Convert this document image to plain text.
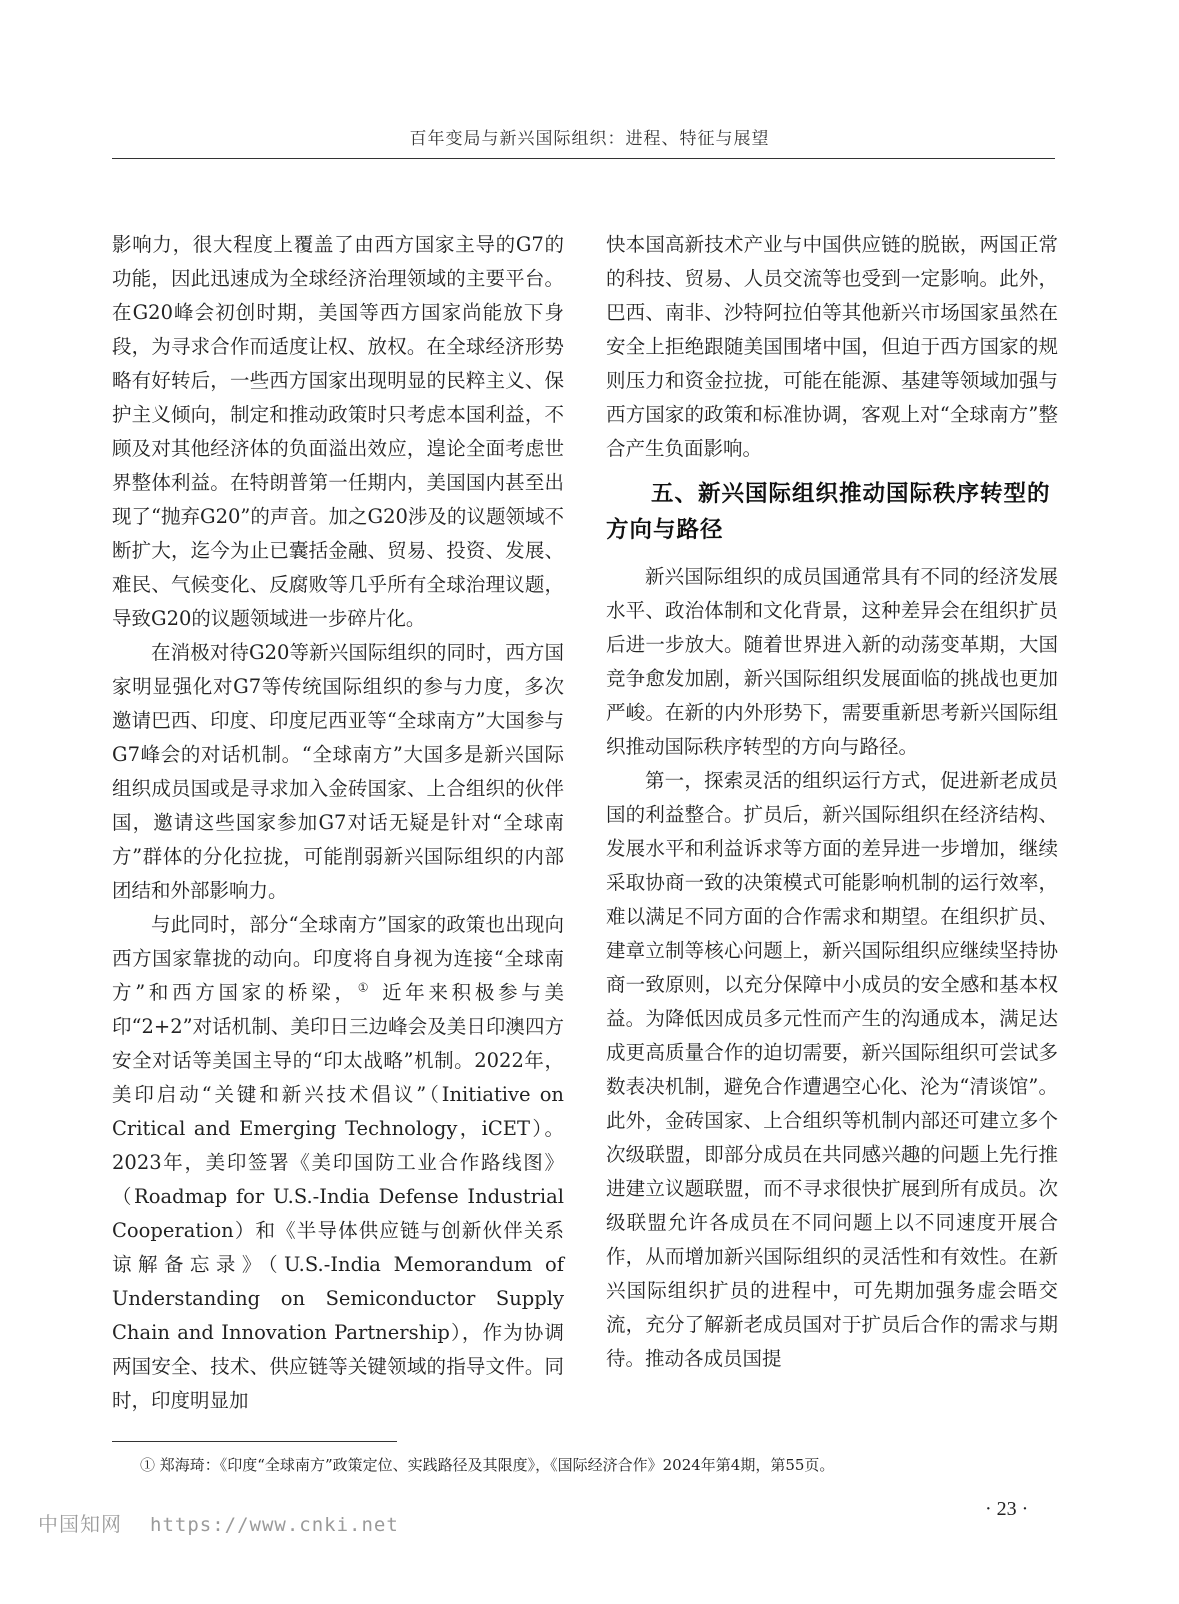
百年变局与新兴国际组织：进程、特征与展望

影响力，很大程度上覆盖了由西方国家主导的G7的功能，因此迅速成为全球经济治理领域的主要平台。在G20峰会初创时期，美国等西方国家尚能放下身段，为寻求合作而适度让权、放权。在全球经济形势略有好转后，一些西方国家出现明显的民粹主义、保护主义倾向，制定和推动政策时只考虑本国利益，不顾及对其他经济体的负面溢出效应，遑论全面考虑世界整体利益。在特朗普第一任期内，美国国内甚至出现了“抛弃G20”的声音。加之G20涉及的议题领域不断扩大，迄今为止已囊括金融、贸易、投资、发展、难民、气候变化、反腐败等几乎所有全球治理议题，导致G20的议题领域进一步碎片化。

在消极对待G20等新兴国际组织的同时，西方国家明显强化对G7等传统国际组织的参与力度，多次邀请巴西、印度、印度尼西亚等“全球南方”大国参与G7峰会的对话机制。“全球南方”大国多是新兴国际组织成员国或是寻求加入金砖国家、上合组织的伙伴国，邀请这些国家参加G7对话无疑是针对“全球南方”群体的分化拉拢，可能削弱新兴国际组织的内部团结和外部影响力。

与此同时，部分“全球南方”国家的政策也出现向西方国家靠拢的动向。印度将自身视为连接“全球南方”和西方国家的桥梁，① 近年来积极参与美印“2+2”对话机制、美印日三边峰会及美日印澳四方安全对话等美国主导的“印太战略”机制。2022年，美印启动“关键和新兴技术倡议”（Initiative on Critical and Emerging Technology，iCET）。2023年，美印签署《美印国防工业合作路线图》（Roadmap for U.S.-India Defense Industrial Cooperation）和《半导体供应链与创新伙伴关系谅解备忘录》（U.S.-India Memorandum of Understanding on Semiconductor Supply Chain and Innovation Partnership），作为协调两国安全、技术、供应链等关键领域的指导文件。同时，印度明显加

快本国高新技术产业与中国供应链的脱嵌，两国正常的科技、贸易、人员交流等也受到一定影响。此外，巴西、南非、沙特阿拉伯等其他新兴市场国家虽然在安全上拒绝跟随美国围堵中国，但迫于西方国家的规则压力和资金拉拢，可能在能源、基建等领域加强与西方国家的政策和标准协调，客观上对“全球南方”整合产生负面影响。

五、新兴国际组织推动国际秩序转型的方向与路径

新兴国际组织的成员国通常具有不同的经济发展水平、政治体制和文化背景，这种差异会在组织扩员后进一步放大。随着世界进入新的动荡变革期，大国竞争愈发加剧，新兴国际组织发展面临的挑战也更加严峻。在新的内外形势下，需要重新思考新兴国际组织推动国际秩序转型的方向与路径。

第一，探索灵活的组织运行方式，促进新老成员国的利益整合。扩员后，新兴国际组织在经济结构、发展水平和利益诉求等方面的差异进一步增加，继续采取协商一致的决策模式可能影响机制的运行效率，难以满足不同方面的合作需求和期望。在组织扩员、建章立制等核心问题上，新兴国际组织应继续坚持协商一致原则，以充分保障中小成员的安全感和基本权益。为降低因成员多元性而产生的沟通成本，满足达成更高质量合作的迫切需要，新兴国际组织可尝试多数表决机制，避免合作遭遇空心化、沦为“清谈馆”。此外，金砖国家、上合组织等机制内部还可建立多个次级联盟，即部分成员在共同感兴趣的问题上先行推进建立议题联盟，而不寻求很快扩展到所有成员。次级联盟允许各成员在不同问题上以不同速度开展合作，从而增加新兴国际组织的灵活性和有效性。在新兴国际组织扩员的进程中，可先期加强务虚会晤交流，充分了解新老成员国对于扩员后合作的需求与期待。推动各成员国提

① 郑海琦：《印度“全球南方”政策定位、实践路径及其限度》，《国际经济合作》2024年第4期，第55页。
· 23 ·
中国知网 https://www.cnki.net
